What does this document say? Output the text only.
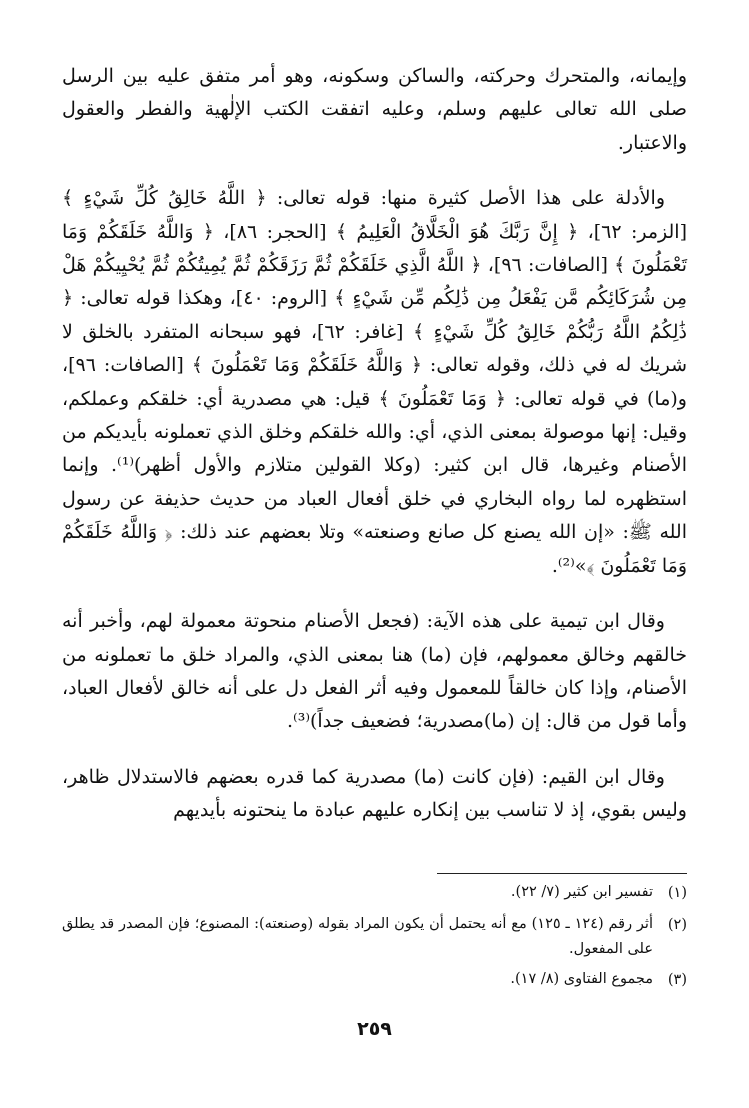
وإيمانه، والمتحرك وحركته، والساكن وسكونه، وهو أمر متفق عليه بين الرسل صلى الله تعالى عليهم وسلم، وعليه اتفقت الكتب الإلٰهية والفطر والعقول والاعتبار.

والأدلة على هذا الأصل كثيرة منها: قوله تعالى: ﴿ اللَّهُ خَالِقُ كُلِّ شَيْءٍ ﴾ [الزمر: ٦٢]، ﴿ إِنَّ رَبَّكَ هُوَ الْخَلَّاقُ الْعَلِيمُ ﴾ [الحجر: ٨٦]، ﴿ وَاللَّهُ خَلَقَكُمْ وَمَا تَعْمَلُونَ ﴾ [الصافات: ٩٦]، ﴿ اللَّهُ الَّذِي خَلَقَكُمْ ثُمَّ رَزَقَكُمْ ثُمَّ يُمِيتُكُمْ ثُمَّ يُحْيِيكُمْ هَلْ مِن شُرَكَائِكُم مَّن يَفْعَلُ مِن ذَٰلِكُم مِّن شَيْءٍ ﴾ [الروم: ٤٠]، وهكذا قوله تعالى: ﴿ ذَٰلِكُمُ اللَّهُ رَبُّكُمْ خَالِقُ كُلِّ شَيْءٍ ﴾ [غافر: ٦٢]، فهو سبحانه المتفرد بالخلق لا شريك له في ذلك، وقوله تعالى: ﴿ وَاللَّهُ خَلَقَكُمْ وَمَا تَعْمَلُونَ ﴾ [الصافات: ٩٦]، و(ما) في قوله تعالى: ﴿ وَمَا تَعْمَلُونَ ﴾ قيل: هي مصدرية أي: خلقكم وعملكم، وقيل: إنها موصولة بمعنى الذي، أي: والله خلقكم وخلق الذي تعملونه بأيديكم من الأصنام وغيرها، قال ابن كثير: (وكلا القولين متلازم والأول أظهر)⁽¹⁾. وإنما استظهره لما رواه البخاري في خلق أفعال العباد من حديث حذيفة عن رسول الله ﷺ: «إن الله يصنع كل صانع وصنعته» وتلا بعضهم عند ذلك: ﴿ وَاللَّهُ خَلَقَكُمْ وَمَا تَعْمَلُونَ ﴾»⁽²⁾.

وقال ابن تيمية على هذه الآية: (فجعل الأصنام منحوتة معمولة لهم، وأخبر أنه خالقهم وخالق معمولهم، فإن (ما) هنا بمعنى الذي، والمراد خلق ما تعملونه من الأصنام، وإذا كان خالقاً للمعمول وفيه أثر الفعل دل على أنه خالق لأفعال العباد، وأما قول من قال: إن (ما)مصدرية؛ فضعيف جداً)⁽³⁾.

وقال ابن القيم: (فإن كانت (ما) مصدرية كما قدره بعضهم فالاستدلال ظاهر، وليس بقوي، إذ لا تناسب بين إنكاره عليهم عبادة ما ينحتونه بأيديهم

(١)
تفسير ابن كثير (٧/ ٢٢).
(٢)
أثر رقم (١٢٤ ـ ١٢٥) مع أنه يحتمل أن يكون المراد بقوله (وصنعته): المصنوع؛ فإن المصدر قد يطلق على المفعول.
(٣)
مجموع الفتاوى (٨/ ١٧).
٢٥٩
